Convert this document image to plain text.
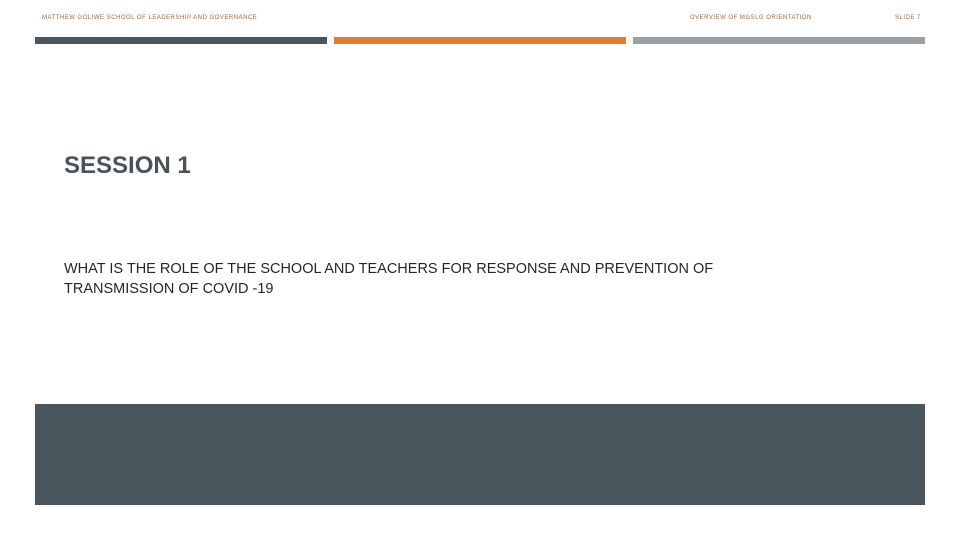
MATTHEW GOLIWE SCHOOL OF LEADERSHIP AND GOVERNANCE	OVERVIEW OF MGSLG ORIENTATION	SLIDE 7
SESSION 1
WHAT IS THE ROLE OF THE SCHOOL AND TEACHERS FOR RESPONSE AND PREVENTION OF
TRANSMISSION OF COVID -19
